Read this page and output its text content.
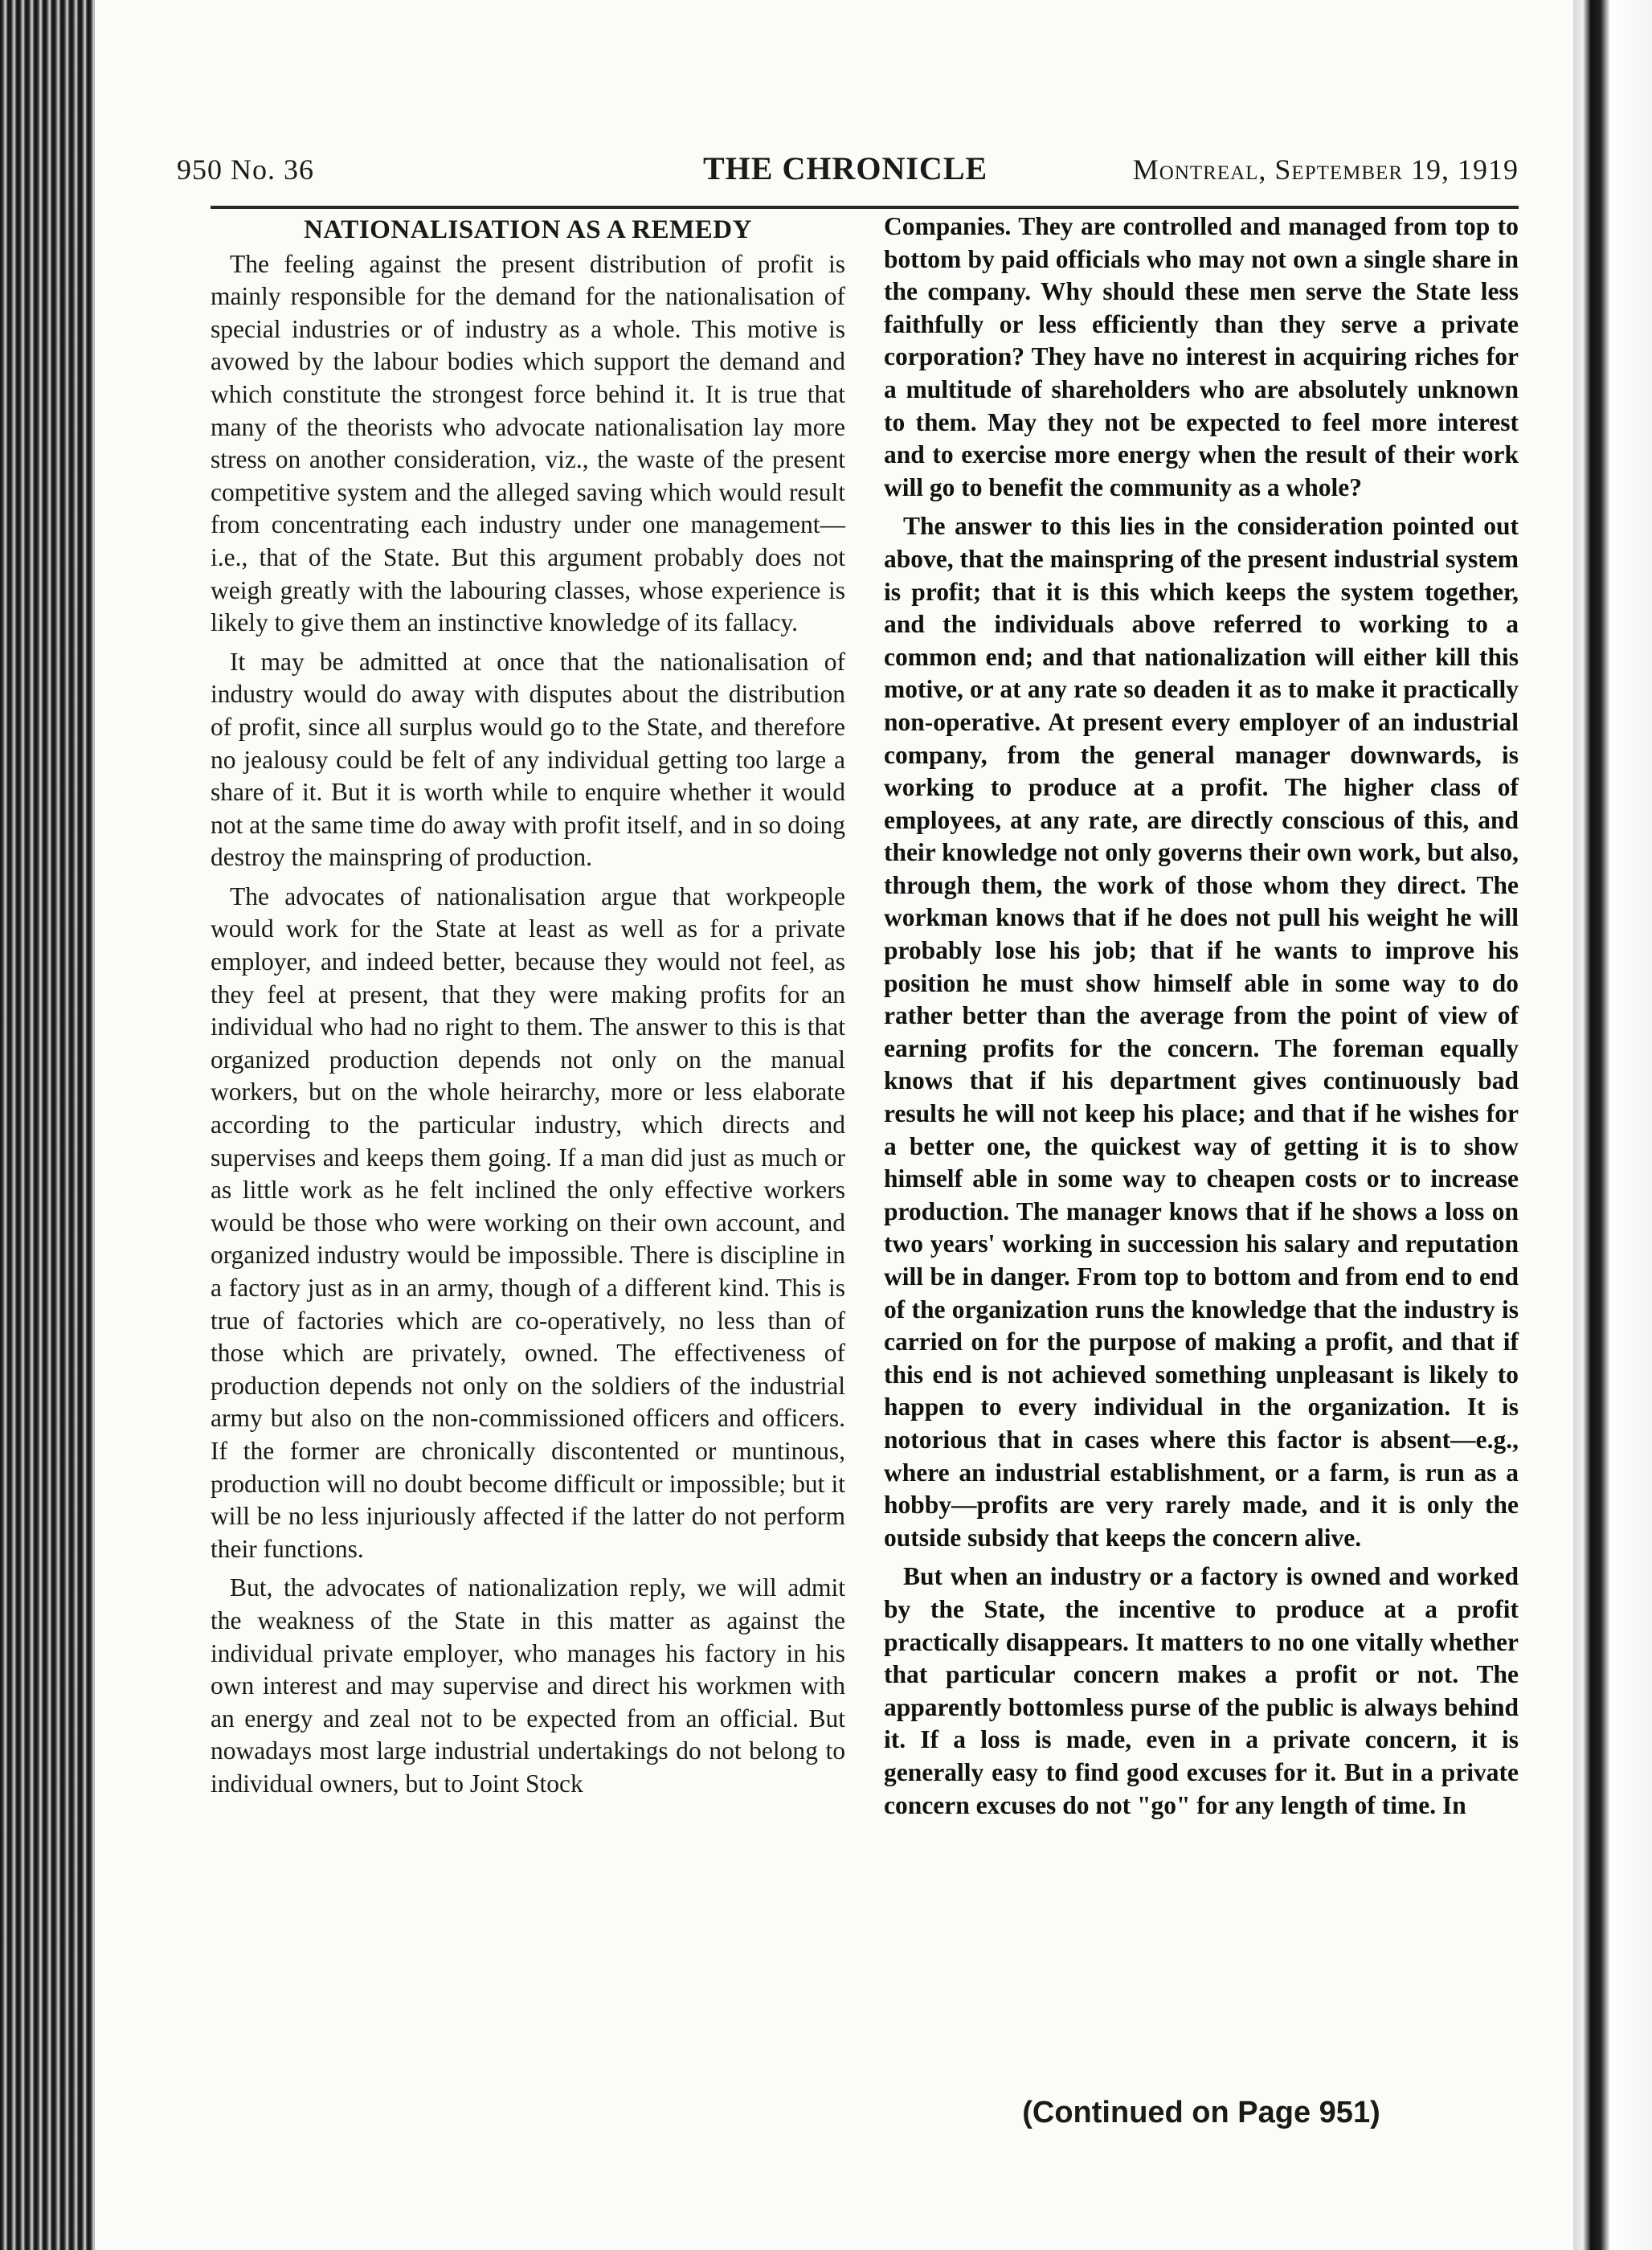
950 No. 36	THE CHRONICLE	Montreal, September 19, 1919
NATIONALISATION AS A REMEDY

The feeling against the present distribution of profit is mainly responsible for the demand for the nationalisation of special industries or of industry as a whole. This motive is avowed by the labour bodies which support the demand and which constitute the strongest force behind it. It is true that many of the theorists who advocate nationalisation lay more stress on another consideration, viz., the waste of the present competitive system and the alleged saving which would result from concentrating each industry under one management—i.e., that of the State. But this argument probably does not weigh greatly with the labouring classes, whose experience is likely to give them an instinctive knowledge of its fallacy.

It may be admitted at once that the nationalisation of industry would do away with disputes about the distribution of profit, since all surplus would go to the State, and therefore no jealousy could be felt of any individual getting too large a share of it. But it is worth while to enquire whether it would not at the same time do away with profit itself, and in so doing destroy the mainspring of production.

The advocates of nationalisation argue that workpeople would work for the State at least as well as for a private employer, and indeed better, because they would not feel, as they feel at present, that they were making profits for an individual who had no right to them. The answer to this is that organized production depends not only on the manual workers, but on the whole heirarchy, more or less elaborate according to the particular industry, which directs and supervises and keeps them going. If a man did just as much or as little work as he felt inclined the only effective workers would be those who were working on their own account, and organized industry would be impossible. There is discipline in a factory just as in an army, though of a different kind. This is true of factories which are co-operatively, no less than of those which are privately, owned. The effectiveness of production depends not only on the soldiers of the industrial army but also on the non-commissioned officers and officers. If the former are chronically discontented or muntinous, production will no doubt become difficult or impossible; but it will be no less injuriously affected if the latter do not perform their functions.

But, the advocates of nationalization reply, we will admit the weakness of the State in this matter as against the individual private employer, who manages his factory in his own interest and may supervise and direct his workmen with an energy and zeal not to be expected from an official. But nowadays most large industrial undertakings do not belong to individual owners, but to Joint Stock

Companies. They are controlled and managed from top to bottom by paid officials who may not own a single share in the company. Why should these men serve the State less faithfully or less efficiently than they serve a private corporation? They have no interest in acquiring riches for a multitude of shareholders who are absolutely unknown to them. May they not be expected to feel more interest and to exercise more energy when the result of their work will go to benefit the community as a whole?

The answer to this lies in the consideration pointed out above, that the mainspring of the present industrial system is profit; that it is this which keeps the system together, and the individuals above referred to working to a common end; and that nationalization will either kill this motive, or at any rate so deaden it as to make it practically non-operative. At present every employer of an industrial company, from the general manager downwards, is working to produce at a profit. The higher class of employees, at any rate, are directly conscious of this, and their knowledge not only governs their own work, but also, through them, the work of those whom they direct. The workman knows that if he does not pull his weight he will probably lose his job; that if he wants to improve his position he must show himself able in some way to do rather better than the average from the point of view of earning profits for the concern. The foreman equally knows that if his department gives continuously bad results he will not keep his place; and that if he wishes for a better one, the quickest way of getting it is to show himself able in some way to cheapen costs or to increase production. The manager knows that if he shows a loss on two years' working in succession his salary and reputation will be in danger. From top to bottom and from end to end of the organization runs the knowledge that the industry is carried on for the purpose of making a profit, and that if this end is not achieved something unpleasant is likely to happen to every individual in the organization. It is notorious that in cases where this factor is absent—e.g., where an industrial establishment, or a farm, is run as a hobby—profits are very rarely made, and it is only the outside subsidy that keeps the concern alive.

But when an industry or a factory is owned and worked by the State, the incentive to produce at a profit practically disappears. It matters to no one vitally whether that particular concern makes a profit or not. The apparently bottomless purse of the public is always behind it. If a loss is made, even in a private concern, it is generally easy to find good excuses for it. But in a private concern excuses do not "go" for any length of time. In

(Continued on Page 951)
